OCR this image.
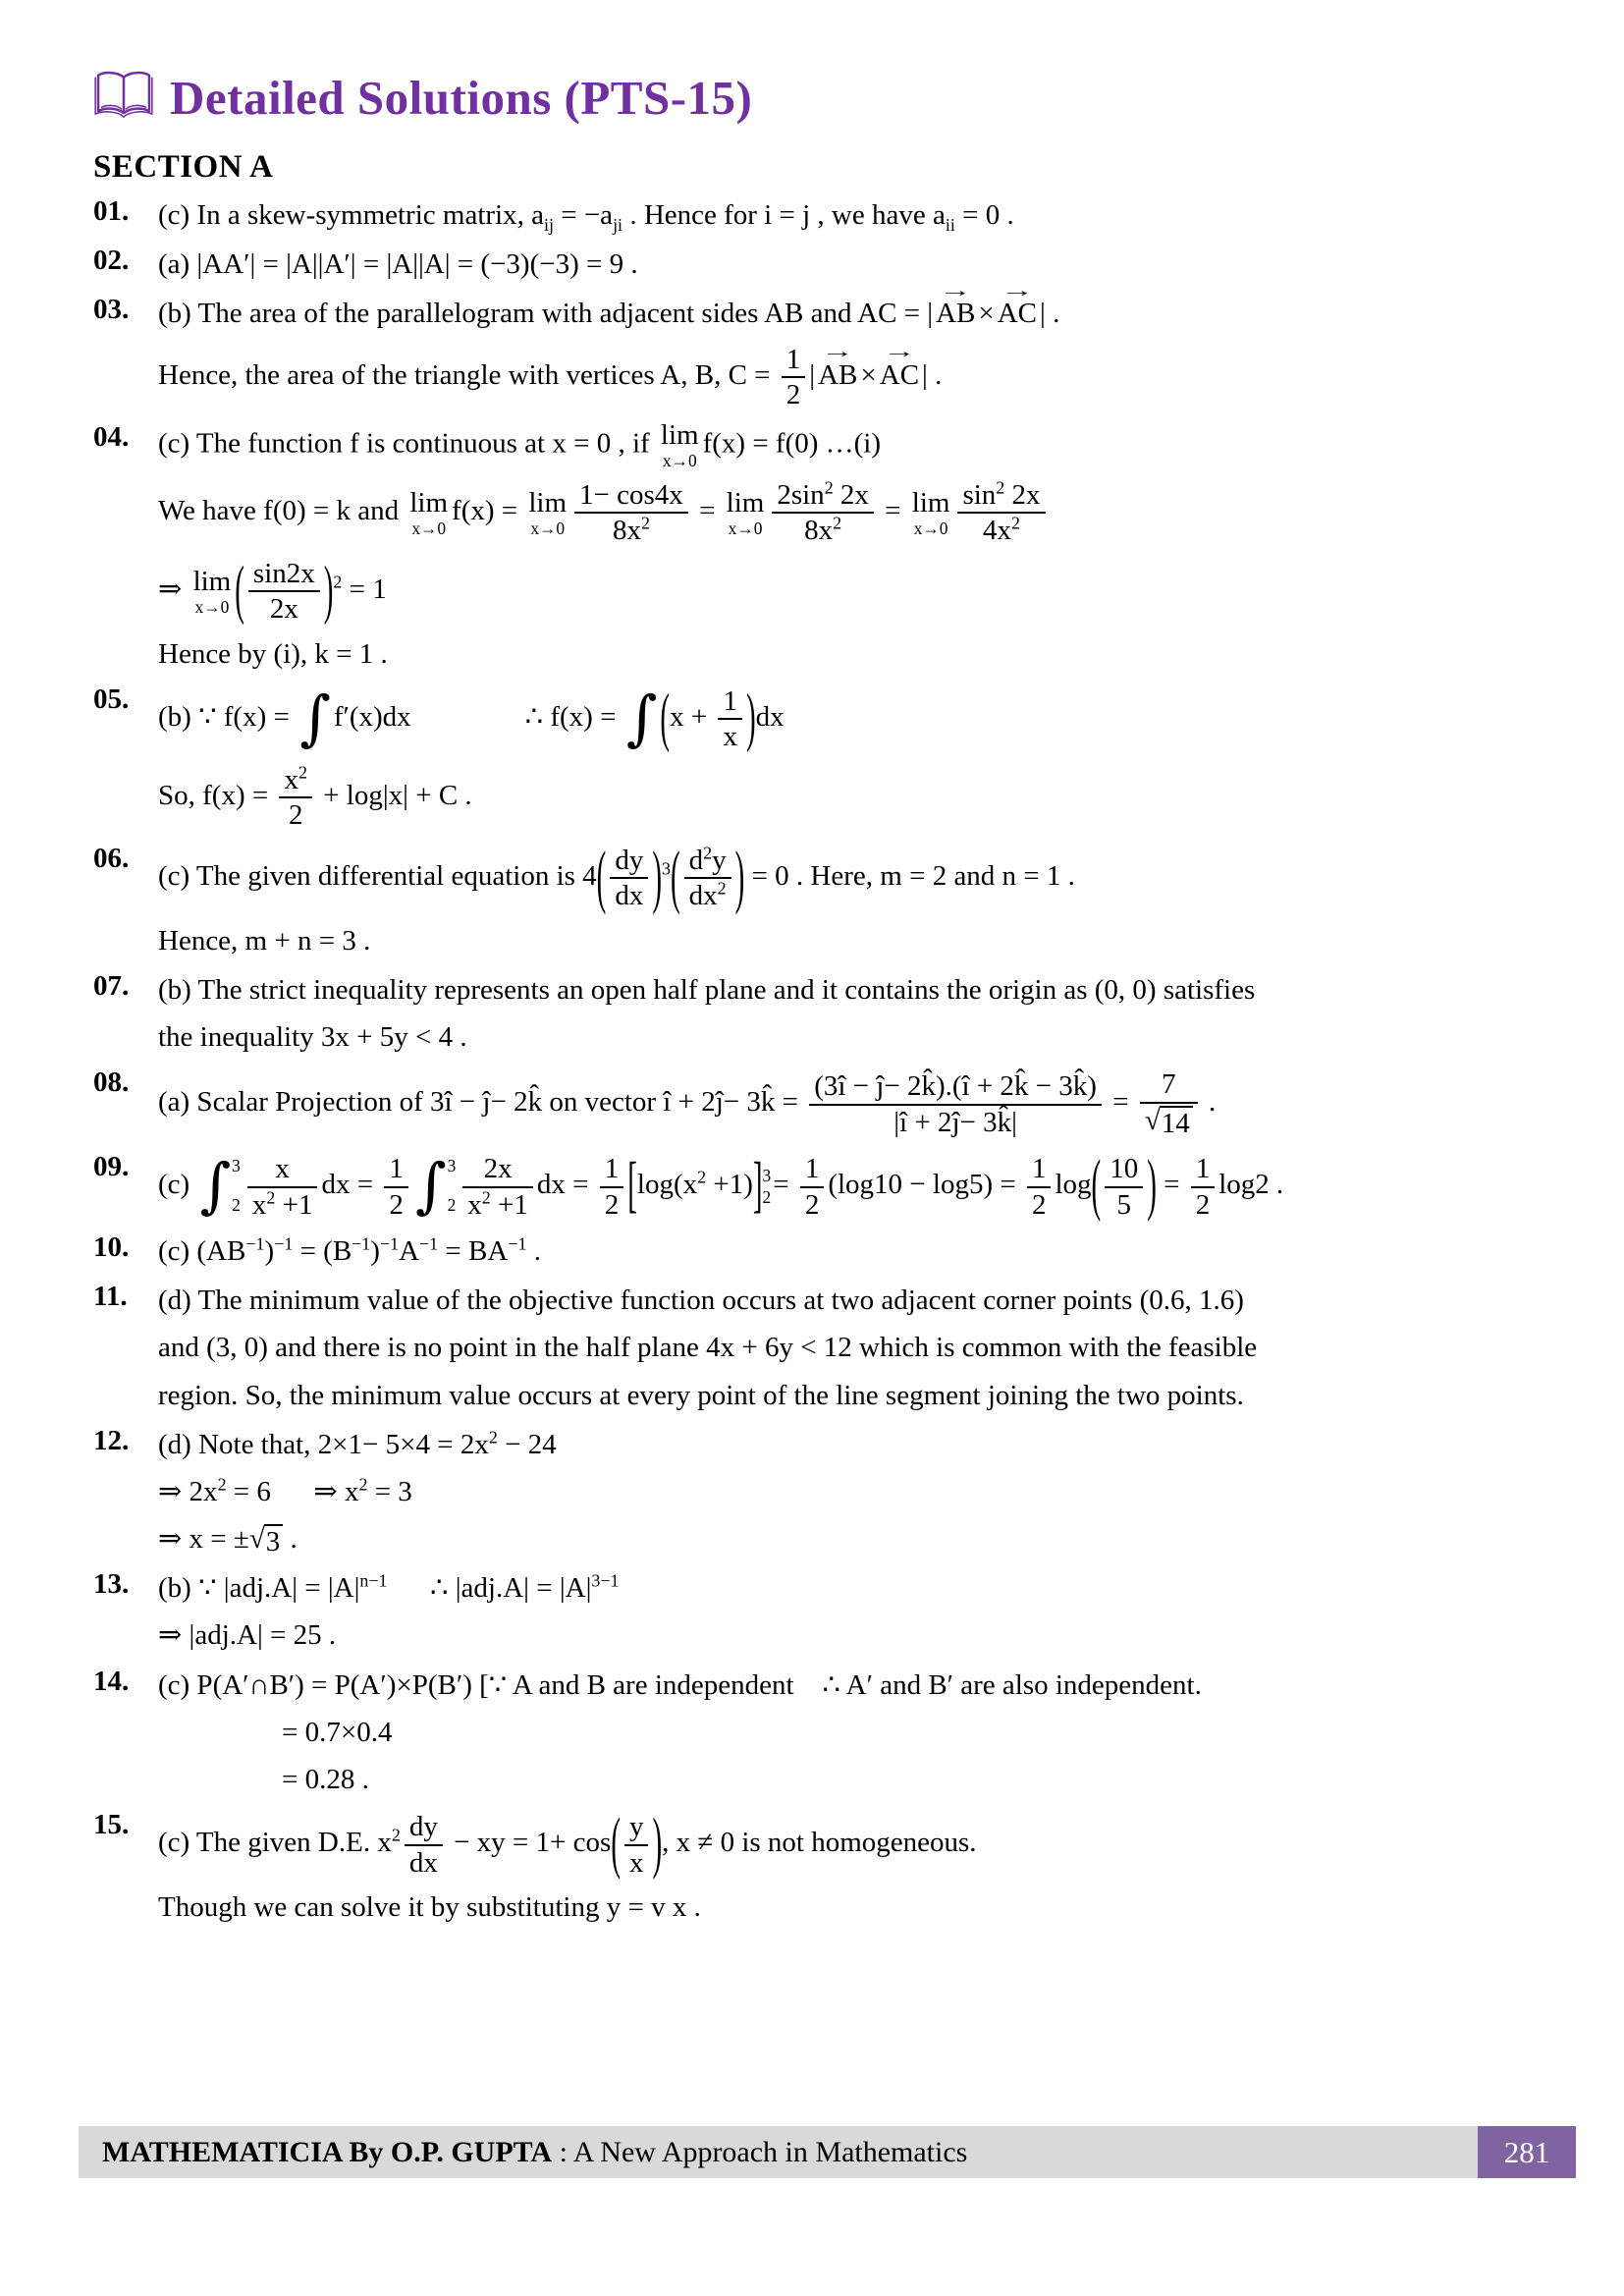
Detailed Solutions (PTS-15)
SECTION A
01.	(c) In a skew-symmetric matrix, $a_{ij} = -a_{ji}$ . Hence for i = j , we have $a_{ii} = 0$ .
02.	(a) |AA′| = |A||A′| = |A||A| = (−3)(−3) = 9 .
03.	(b) The area of the parallelogram with adjacent sides AB and AC = |
→
AB ×
→
AC | .
Hence, the area of the triangle with vertices A, B, $C = \frac{1}{2}$ |
→
AB ×
→
AC | .
04.	(c) The function f is continuous at x = 0 , if lim
x→0
f(x) = f(0) …(i)
We have f(0) = k and lim
x→0
f(x) = lim
$x\to 0 \frac{1- \cos 4x}{8x^2} = \lim$
$x\to 0 \frac{2\sin^2 2x}{8x^2} = \lim$
$x\to 0 \frac{\sin^2 2x}{4x^2}$
⇒ lim
x→0 ( $\frac{\sin 2x}{2x} )^2 = 1$
Hence by (i), k = 1 .
05.
(b) ∵ f(x) = ∫ f′(x)dx    	∴ f(x) = ∫ $(x + \frac{1}{x} )dx$
So, $f(x) = \frac{x^2}{2} + \log|x| + C$ .
06.
(c) The given differential equation is $4( \frac{dy}{dx} )^3( \frac{d^2y}{dx^2}$ ) = 0 . Here, m = 2 and n = 1 .
Hence, m + n = 3 .
07.	(b) The strict inequality represents an open half plane and it contains the origin as (0, 0) satisfies
the inequality 3x + 5y < 4 .
08.
(a) Scalar Projection of 3î − ĵ− 2k̂ on vector î + 2ĵ− 3k̂ = $\frac{(3î - ĵ- 2k̂).(î + 2k̂ - 3k̂)}{|î + 2ĵ- 3k̂|} = \frac{7}{√ 14}$ .
09.
(c) ∫ 3
$2 \frac{x}{x^2 +1}$ dx = $\frac{1}{2}$ ∫ 3
$2 \frac{2x}{x^2 +1}$ dx = $\frac{1}{2} [\log(x^2 +1)]$ 3
$2 = \frac{1}{2} (\log 10 - \log 5) = \frac{1}{2} \log( \frac{10}{5}$ ) = $\frac{1}{2} \log 2$ .
10.	(c) $(AB^{-1})^{-1} = (B^{-1})^{-1}A^{-1} = BA^{-1}$ .
11.	(d) The minimum value of the objective function occurs at two adjacent corner points (0.6, 1.6)
and (3, 0) and there is no point in the half plane 4x + 6y < 12 which is common with the feasible
region. So, the minimum value occurs at every point of the line segment joining the two points.
12.	(d) Note that, $2\times 1- 5\times 4 = 2x^2 - 24$
⇒ $2x^2 = 6$   ⇒ $x^2 = 3$
⇒ x = ± √ 3 .
13.	(b) ∵ $|adj.A| = |A|^{n-1}$   ∴ $|adj.A| = |A|^{3-1}$
⇒ |adj.A| = 25 .
14.	(c) P(A′∩B′) = P(A′)×P(B′) [∵ A and B are independent   ∴ A′ and B′ are also independent.
= 0.7×0.4
= 0.28 .
15.
(c) The given D.E. $x^2 \frac{dy}{dx}$ − xy = $1+ \cos( \frac{y}{x}$ ), x ≠ 0 is not homogeneous.
Though we can solve it by substituting y = v x .
MATHEMATICIA By O.P. GUPTA : A New Approach in Mathematics	281
